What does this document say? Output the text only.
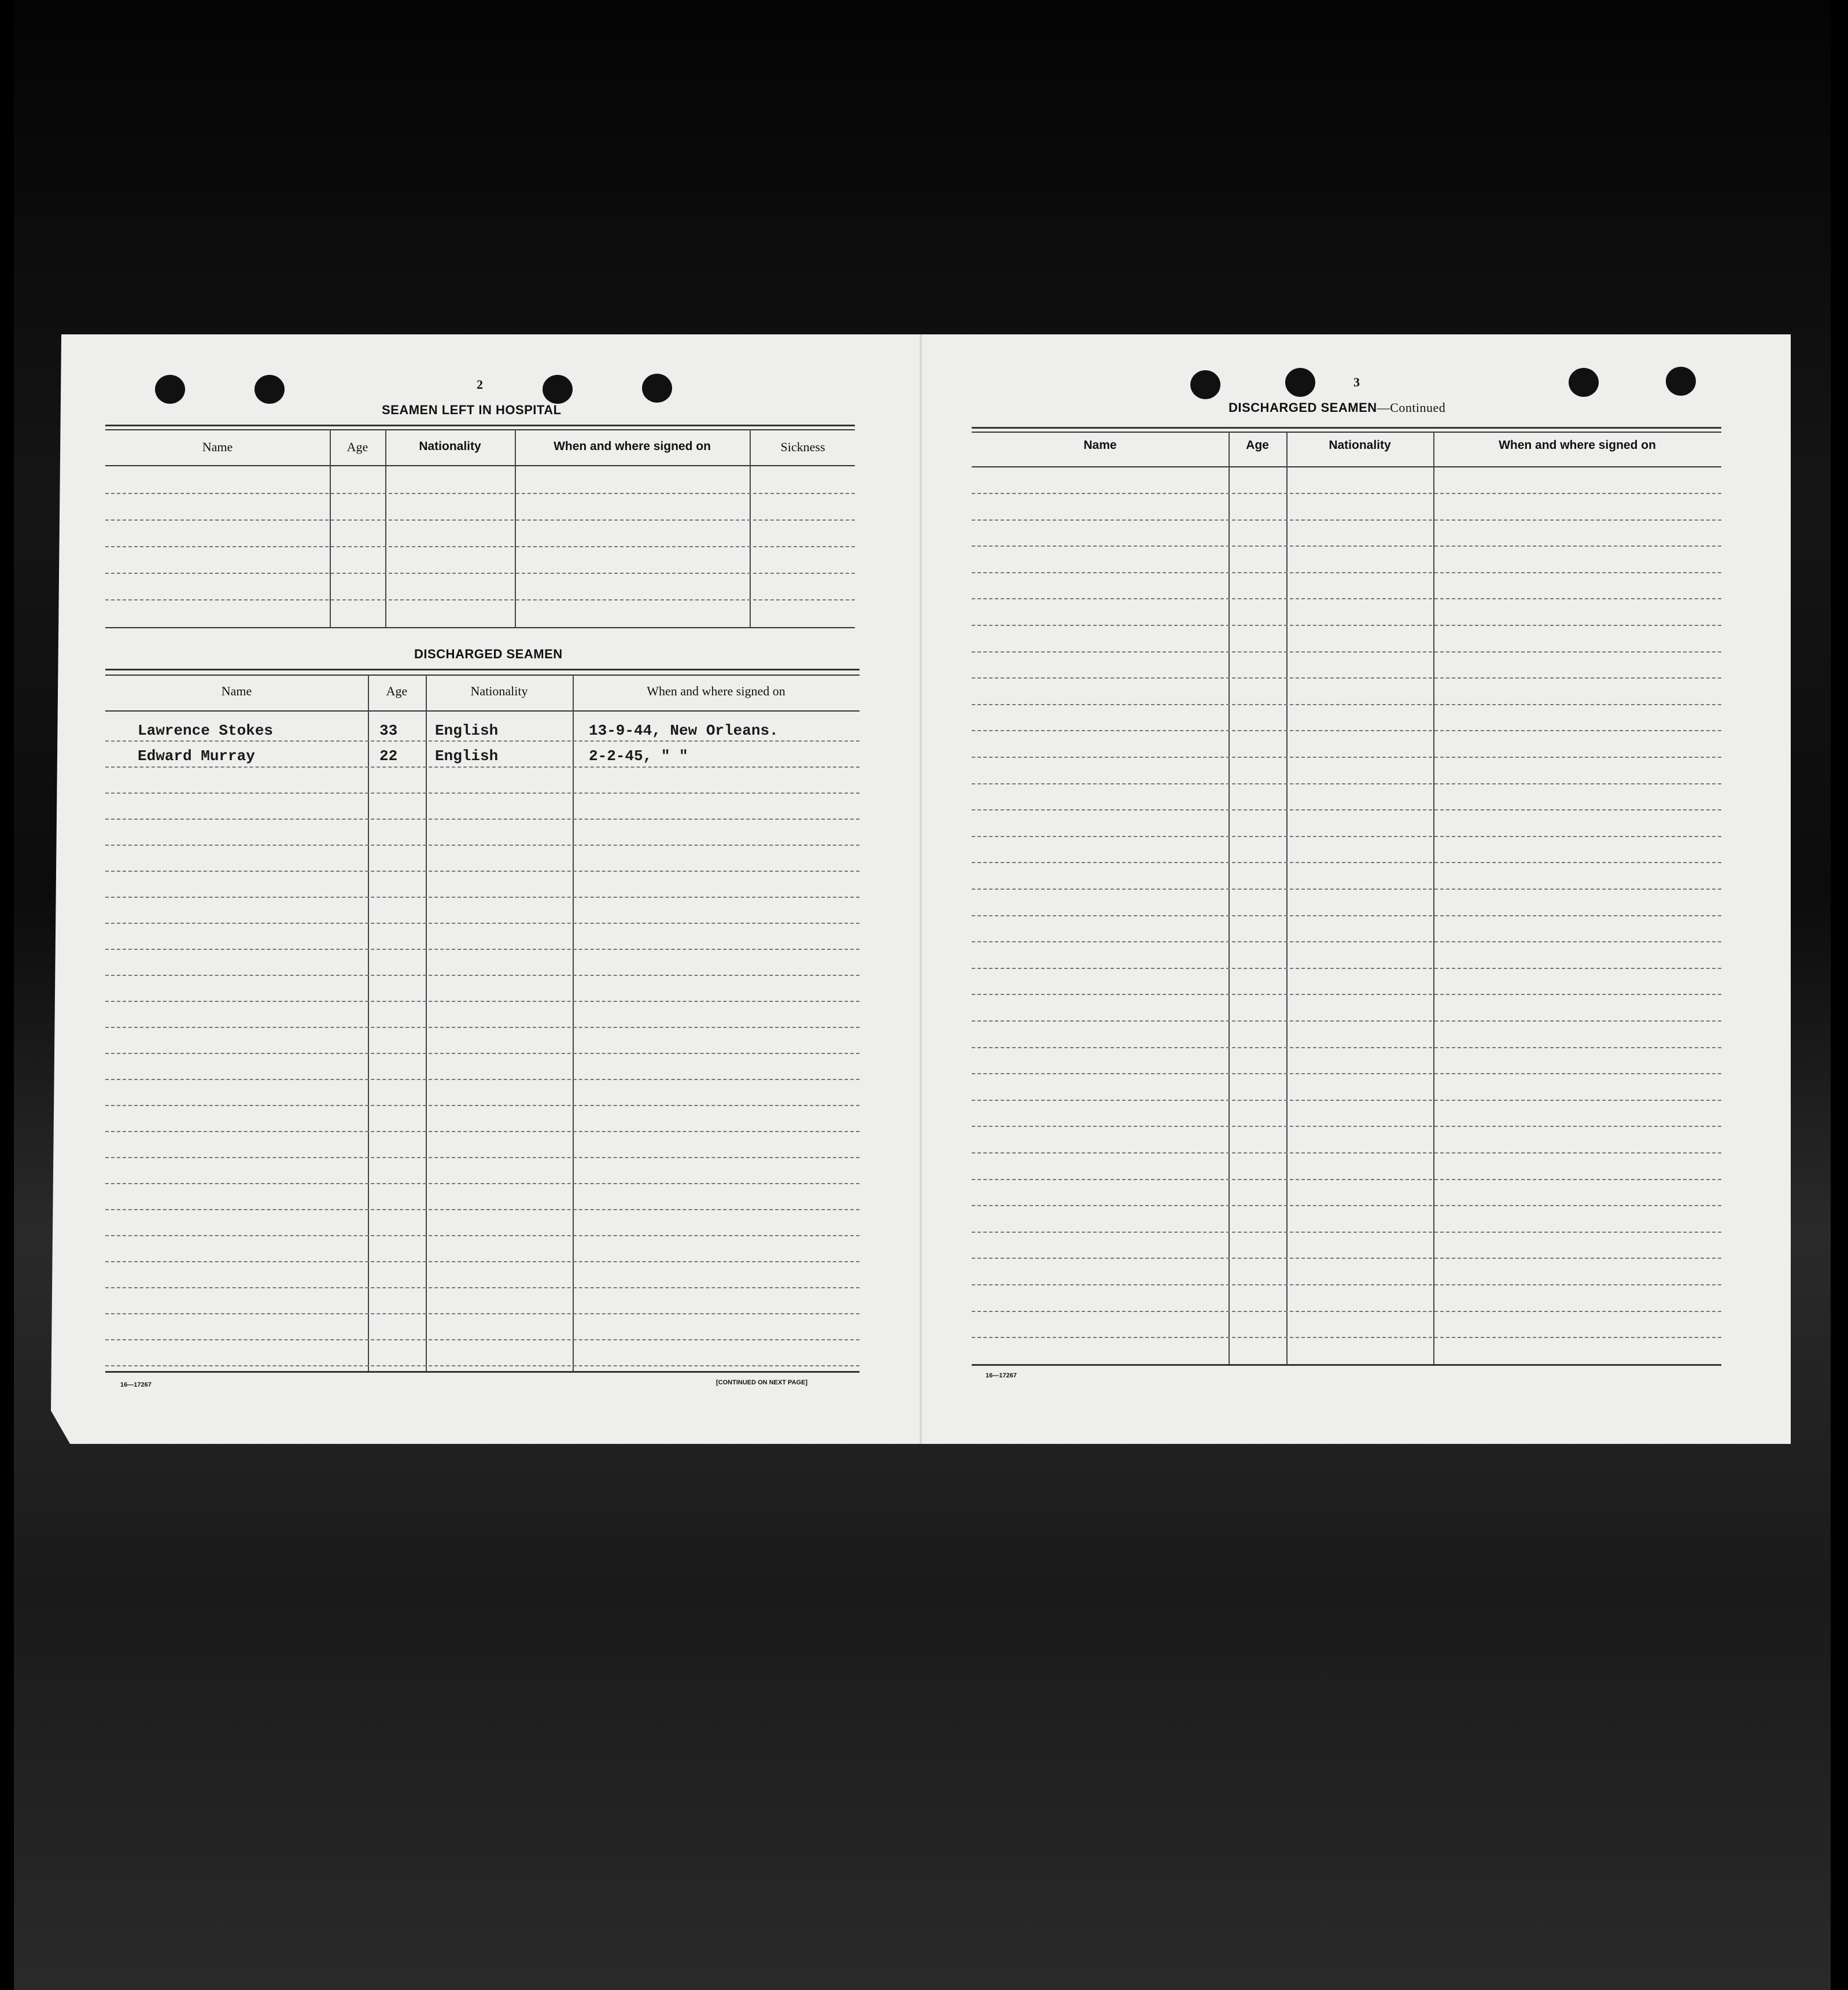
2
SEAMEN LEFT IN HOSPITAL
Name	Age	Nationality	When and where signed on	Sickness
DISCHARGED SEAMEN
Name	Age	Nationality	When and where signed on
Lawrence Stokes	33 English	13-9-44, New Orleans.
Edward Murray	22 English	2-2-45, " "
16—17267	[CONTINUED ON NEXT PAGE]
3
DISCHARGED SEAMEN—Continued
Name	Age	Nationality	When and where signed on
16—17267
